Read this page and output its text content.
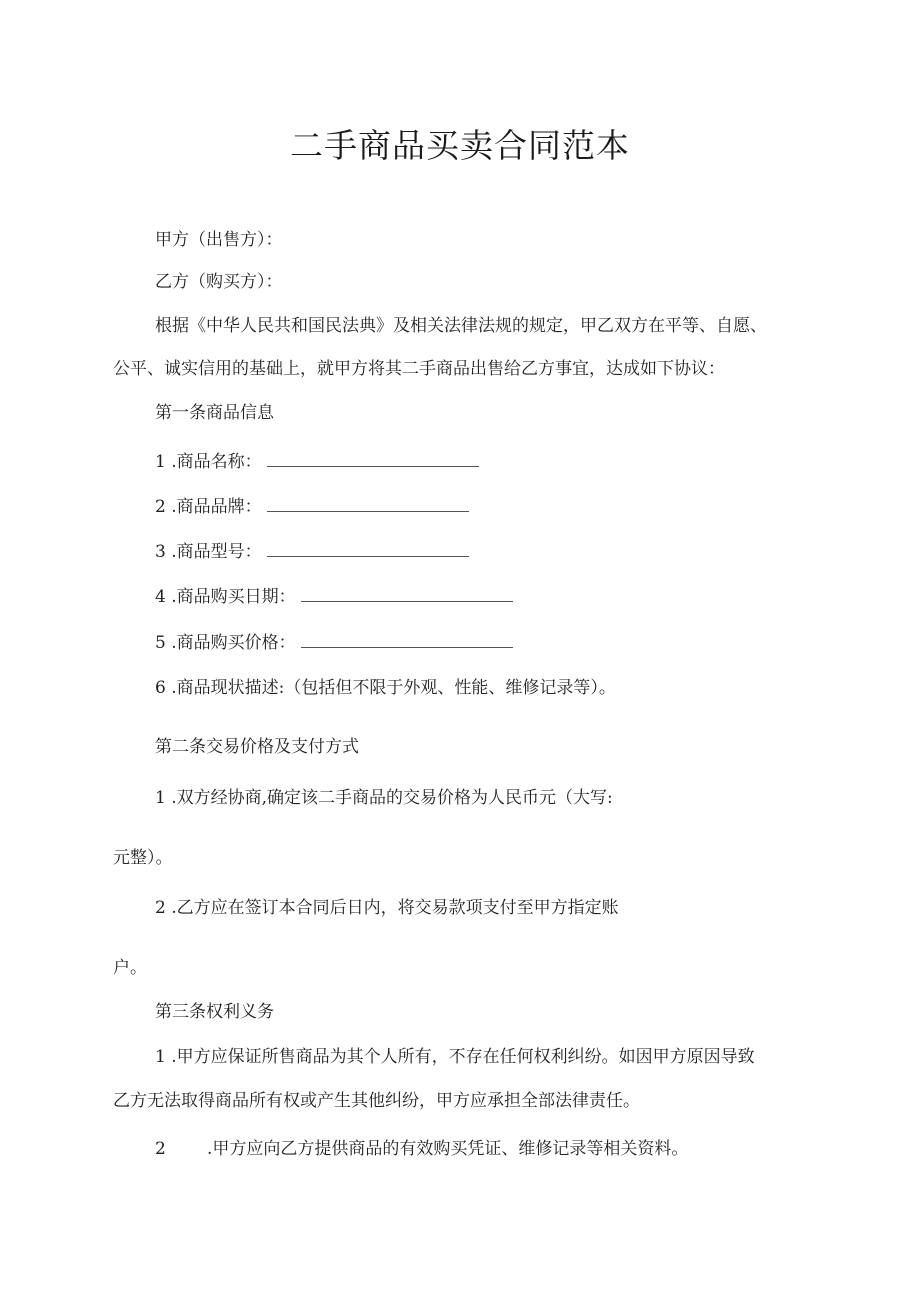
二手商品买卖合同范本

甲方（出售方）：

乙方（购买方）：

根据《中华人民共和国民法典》及相关法律法规的规定，甲乙双方在平等、自愿、

公平、诚实信用的基础上，就甲方将其二手商品出售给乙方事宜，达成如下协议：

第一条商品信息

1 .商品名称：

2 .商品品牌：

3 .商品型号：

4 .商品购买日期：

5 .商品购买价格：

6 .商品现状描述:（包括但不限于外观、性能、维修记录等）。

第二条交易价格及支付方式

1 .双方经协商,确定该二手商品的交易价格为人民币元（大写:

元整）。

2 .乙方应在签订本合同后日内，将交易款项支付至甲方指定账

户。

第三条权利义务

1 .甲方应保证所售商品为其个人所有，不存在任何权利纠纷。如因甲方原因导致

乙方无法取得商品所有权或产生其他纠纷，甲方应承担全部法律责任。

2 .甲方应向乙方提供商品的有效购买凭证、维修记录等相关资料。
